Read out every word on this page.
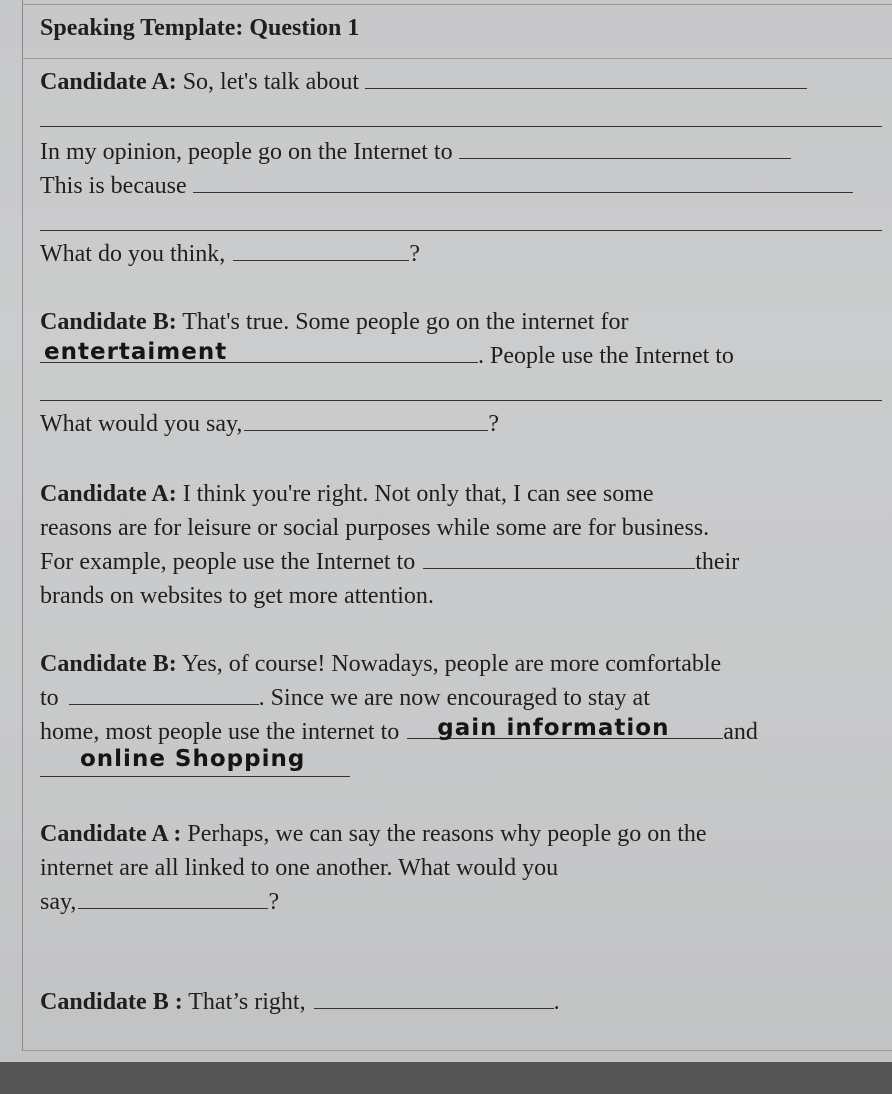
Speaking Template: Question 1
Candidate A: So, let's talk about
In my opinion, people go on the Internet to
This is because
What do you think,	?
Candidate B: That's true. Some people go on the internet for
entertaiment	. People use the Internet to
What would you say,	?
Candidate A: I think you're right. Not only that, I can see some
reasons are for leisure or social purposes while some are for business.
For example, people use the Internet to	their
brands on websites to get more attention.
Candidate B: Yes, of course! Nowadays, people are more comfortable
to	. Since we are now encouraged to stay at
home, most people use the internet to gain information and
online Shopping
Candidate A : Perhaps, we can say the reasons why people go on the
internet are all linked to one another. What would you
say,	?
Candidate B : That’s right,	.
